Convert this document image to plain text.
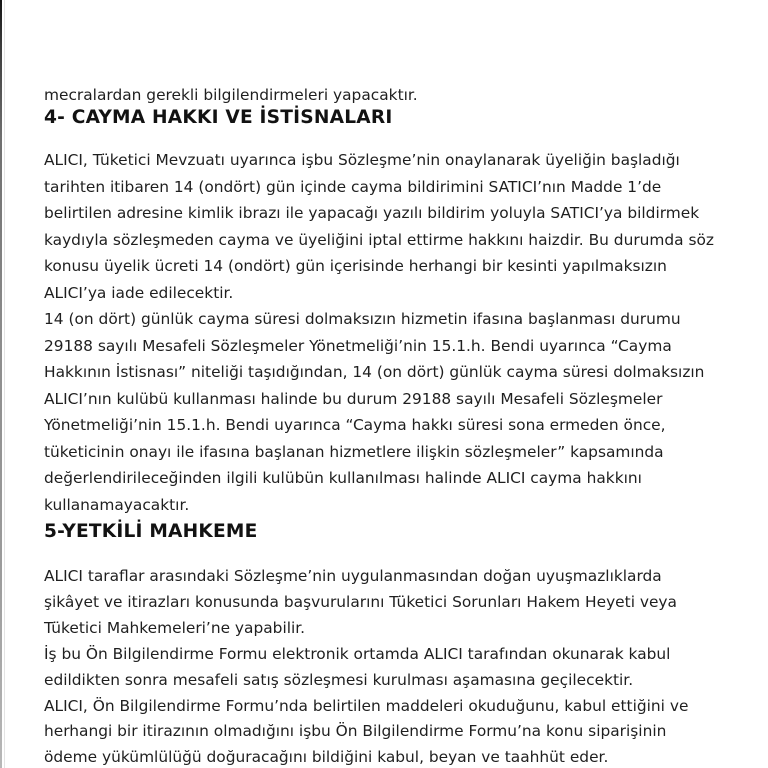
mecralardan gerekli bilgilendirmeleri yapacaktır.
4- CAYMA HAKKI VE İSTİSNALARI
ALICI, Tüketici Mevzuatı uyarınca işbu Sözleşme’nin onaylanarak üyeliğin başladığı
tarihten itibaren 14 (ondört) gün içinde cayma bildirimini SATICI’nın Madde 1’de
belirtilen adresine kimlik ibrazı ile yapacağı yazılı bildirim yoluyla SATICI’ya bildirmek
kaydıyla sözleşmeden cayma ve üyeliğini iptal ettirme hakkını haizdir. Bu durumda söz
konusu üyelik ücreti 14 (ondört) gün içerisinde herhangi bir kesinti yapılmaksızın
ALICI’ya iade edilecektir.
14 (on dört) günlük cayma süresi dolmaksızın hizmetin ifasına başlanması durumu
29188 sayılı Mesafeli Sözleşmeler Yönetmeliği’nin 15.1.h. Bendi uyarınca “Cayma
Hakkının İstisnası” niteliği taşıdığından, 14 (on dört) günlük cayma süresi dolmaksızın
ALICI’nın kulübü kullanması halinde bu durum 29188 sayılı Mesafeli Sözleşmeler
Yönetmeliği’nin 15.1.h. Bendi uyarınca “Cayma hakkı süresi sona ermeden önce,
tüketicinin onayı ile ifasına başlanan hizmetlere ilişkin sözleşmeler” kapsamında
değerlendirileceğinden ilgili kulübün kullanılması halinde ALICI cayma hakkını
kullanamayacaktır.
5-YETKİLİ MAHKEME
ALICI taraflar arasındaki Sözleşme’nin uygulanmasından doğan uyuşmazlıklarda
şikâyet ve itirazları konusunda başvurularını Tüketici Sorunları Hakem Heyeti veya
Tüketici Mahkemeleri’ne yapabilir.
İş bu Ön Bilgilendirme Formu elektronik ortamda ALICI tarafından okunarak kabul
edildikten sonra mesafeli satış sözleşmesi kurulması aşamasına geçilecektir.
ALICI, Ön Bilgilendirme Formu’nda belirtilen maddeleri okuduğunu, kabul ettiğini ve
herhangi bir itirazının olmadığını işbu Ön Bilgilendirme Formu’na konu siparişinin
ödeme yükümlülüğü doğuracağını bildiğini kabul, beyan ve taahhüt eder.
